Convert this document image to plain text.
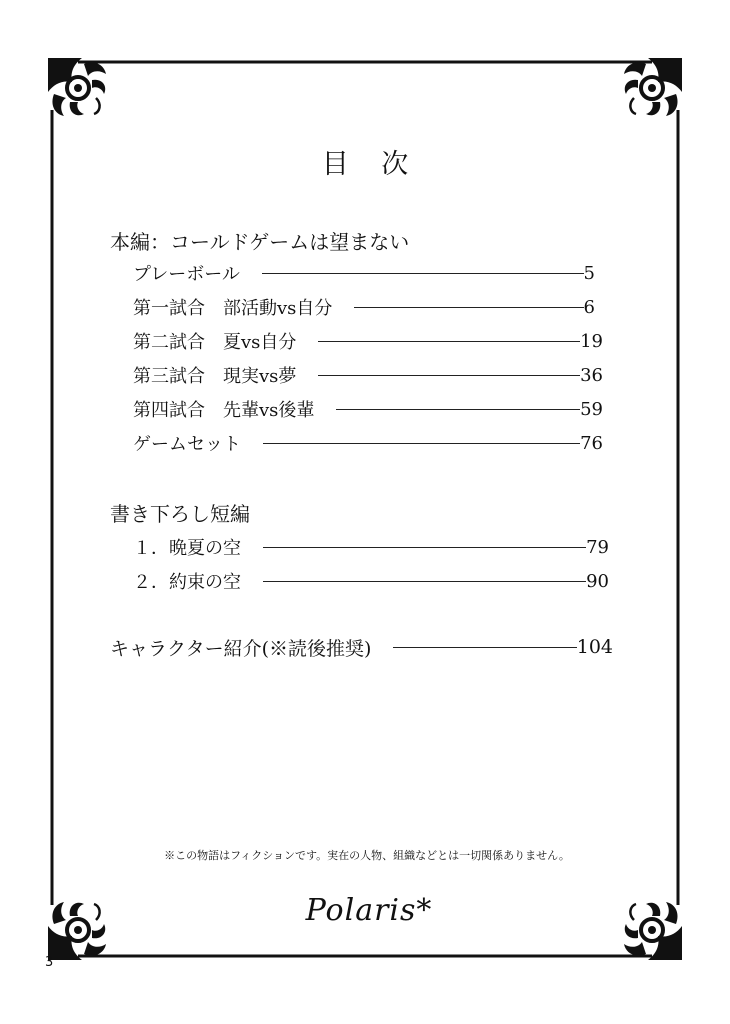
目 次
本編：コールドゲームは望まない
プレーボール	5
第一試合　部活動vs自分	6
第二試合　夏vs自分	19
第三試合　現実vs夢	36
第四試合　先輩vs後輩	59
ゲームセット	76
書き下ろし短編
１．晩夏の空	79
２．約束の空	90
キャラクター紹介(※読後推奨)	104
※この物語はフィクションです。実在の人物、組織などとは一切関係ありません。
Polaris*
3
